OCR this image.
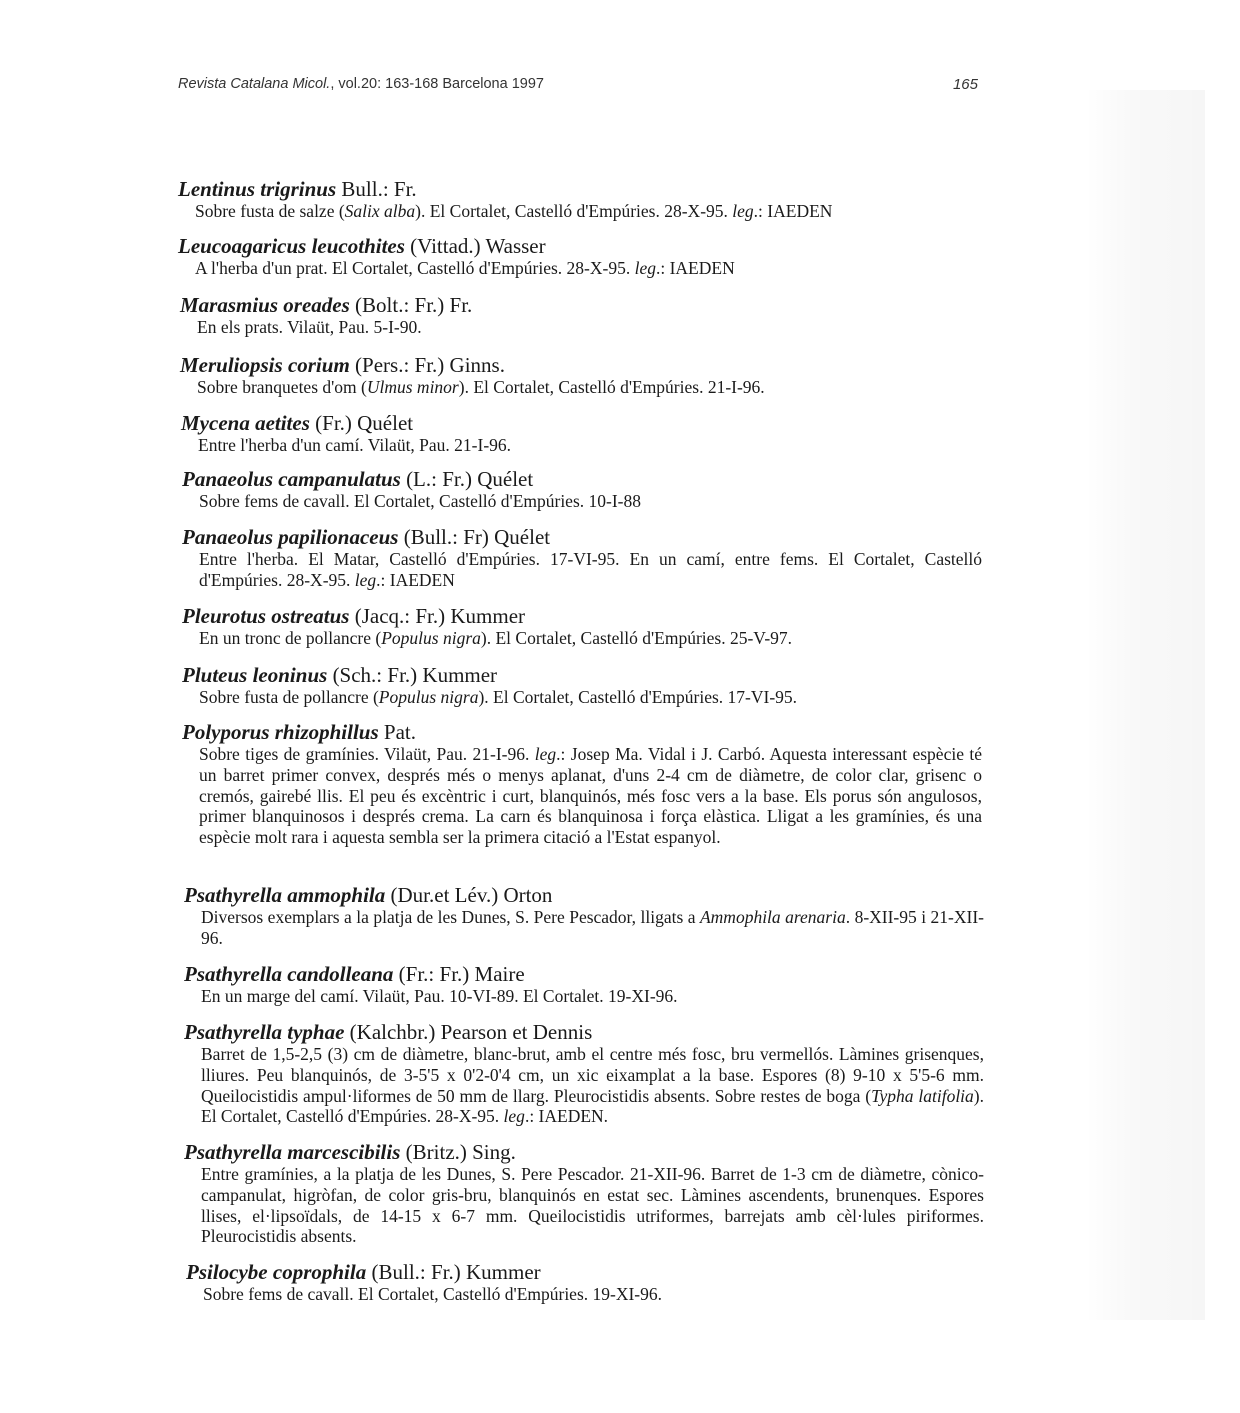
Revista Catalana Micol., vol.20: 163-168 Barcelona 1997	165
Lentinus trigrinus Bull.: Fr.
Sobre fusta de salze (Salix alba). El Cortalet, Castelló d'Empúries. 28-X-95. leg.: IAEDEN
Leucoagaricus leucothites (Vittad.) Wasser
A l'herba d'un prat. El Cortalet, Castelló d'Empúries. 28-X-95. leg.: IAEDEN
Marasmius oreades (Bolt.: Fr.) Fr.
En els prats. Vilaüt, Pau. 5-I-90.
Meruliopsis corium (Pers.: Fr.) Ginns.
Sobre branquetes d'om (Ulmus minor). El Cortalet, Castelló d'Empúries. 21-I-96.
Mycena aetites (Fr.) Quélet
Entre l'herba d'un camí. Vilaüt, Pau. 21-I-96.
Panaeolus campanulatus (L.: Fr.) Quélet
Sobre fems de cavall. El Cortalet, Castelló d'Empúries. 10-I-88
Panaeolus papilionaceus (Bull.: Fr) Quélet
Entre l'herba. El Matar, Castelló d'Empúries. 17-VI-95. En un camí, entre fems. El Cortalet, Castelló d'Empúries. 28-X-95. leg.: IAEDEN
Pleurotus ostreatus (Jacq.: Fr.) Kummer
En un tronc de pollancre (Populus nigra). El Cortalet, Castelló d'Empúries. 25-V-97.
Pluteus leoninus (Sch.: Fr.) Kummer
Sobre fusta de pollancre (Populus nigra). El Cortalet, Castelló d'Empúries. 17-VI-95.
Polyporus rhizophillus Pat.
Sobre tiges de gramínies. Vilaüt, Pau. 21-I-96. leg.: Josep Ma. Vidal i J. Carbó. Aquesta interessant espècie té un barret primer convex, després més o menys aplanat, d'uns 2-4 cm de diàmetre, de color clar, grisenc o cremós, gairebé llis. El peu és excèntric i curt, blanquinós, més fosc vers a la base. Els porus són angulosos, primer blanquinosos i després crema. La carn és blanquinosa i força elàstica. Lligat a les gramínies, és una espècie molt rara i aquesta sembla ser la primera citació a l'Estat espanyol.
Psathyrella ammophila (Dur.et Lév.) Orton
Diversos exemplars a la platja de les Dunes, S. Pere Pescador, lligats a Ammophila arenaria. 8-XII-95 i 21-XII-96.
Psathyrella candolleana (Fr.: Fr.) Maire
En un marge del camí. Vilaüt, Pau. 10-VI-89. El Cortalet. 19-XI-96.
Psathyrella typhae (Kalchbr.) Pearson et Dennis
Barret de 1,5-2,5 (3) cm de diàmetre, blanc-brut, amb el centre més fosc, bru vermellós. Làmines grisenques, lliures. Peu blanquinós, de 3-5'5 x 0'2-0'4 cm, un xic eixamplat a la base. Espores (8) 9-10 x 5'5-6 mm. Queilocistidis ampul·liformes de 50 mm de llarg. Pleurocistidis absents. Sobre restes de boga (Typha latifolia). El Cortalet, Castelló d'Empúries. 28-X-95. leg.: IAEDEN.
Psathyrella marcescibilis (Britz.) Sing.
Entre gramínies, a la platja de les Dunes, S. Pere Pescador. 21-XII-96. Barret de 1-3 cm de diàmetre, cònico-campanulat, higròfan, de color gris-bru, blanquinós en estat sec. Làmines ascendents, brunenques. Espores llises, el·lipsoïdals, de 14-15 x 6-7 mm. Queilocistidis utriformes, barrejats amb cèl·lules piriformes. Pleurocistidis absents.
Psilocybe coprophila (Bull.: Fr.) Kummer
Sobre fems de cavall. El Cortalet, Castelló d'Empúries. 19-XI-96.
